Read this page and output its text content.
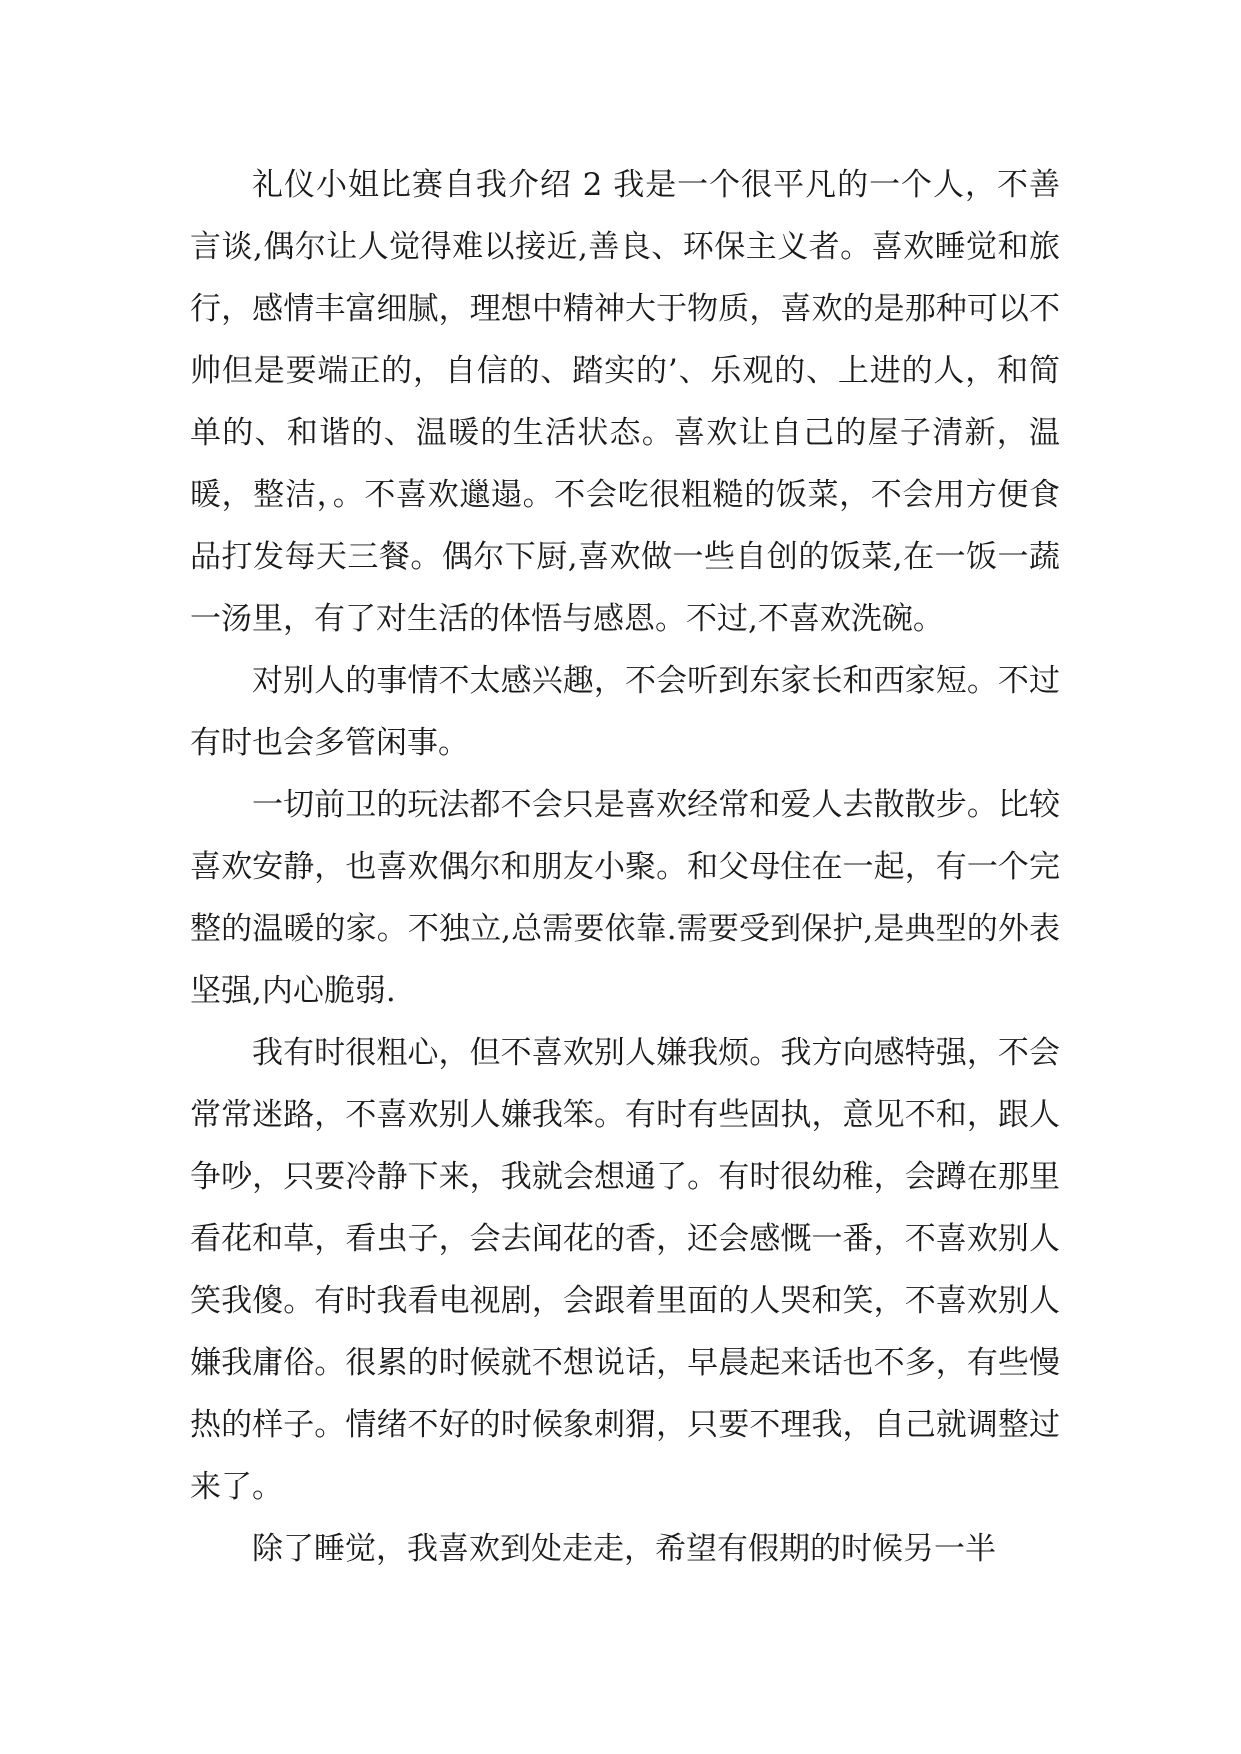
礼仪小姐比赛自我介绍 2 我是一个很平凡的一个人，不善言谈,偶尔让人觉得难以接近,善良、环保主义者。喜欢睡觉和旅行，感情丰富细腻，理想中精神大于物质，喜欢的是那种可以不帅但是要端正的，自信的、踏实的’、乐观的、上进的人，和简单的、和谐的、温暖的生活状态。喜欢让自己的屋子清新，温暖，整洁，。不喜欢邋遢。不会吃很粗糙的饭菜，不会用方便食品打发每天三餐。偶尔下厨,喜欢做一些自创的饭菜,在一饭一蔬一汤里，有了对生活的体悟与感恩。不过,不喜欢洗碗。

对别人的事情不太感兴趣，不会听到东家长和西家短。不过有时也会多管闲事。

一切前卫的玩法都不会只是喜欢经常和爱人去散散步。比较喜欢安静，也喜欢偶尔和朋友小聚。和父母住在一起，有一个完整的温暖的家。不独立,总需要依靠.需要受到保护,是典型的外表坚强,内心脆弱.

我有时很粗心，但不喜欢别人嫌我烦。我方向感特强，不会常常迷路，不喜欢别人嫌我笨。有时有些固执，意见不和，跟人争吵，只要冷静下来，我就会想通了。有时很幼稚，会蹲在那里看花和草，看虫子，会去闻花的香，还会感慨一番，不喜欢别人笑我傻。有时我看电视剧，会跟着里面的人哭和笑，不喜欢别人嫌我庸俗。很累的时候就不想说话，早晨起来话也不多，有些慢热的样子。情绪不好的时候象刺猬，只要不理我，自己就调整过来了。

除了睡觉，我喜欢到处走走，希望有假期的时候另一半
